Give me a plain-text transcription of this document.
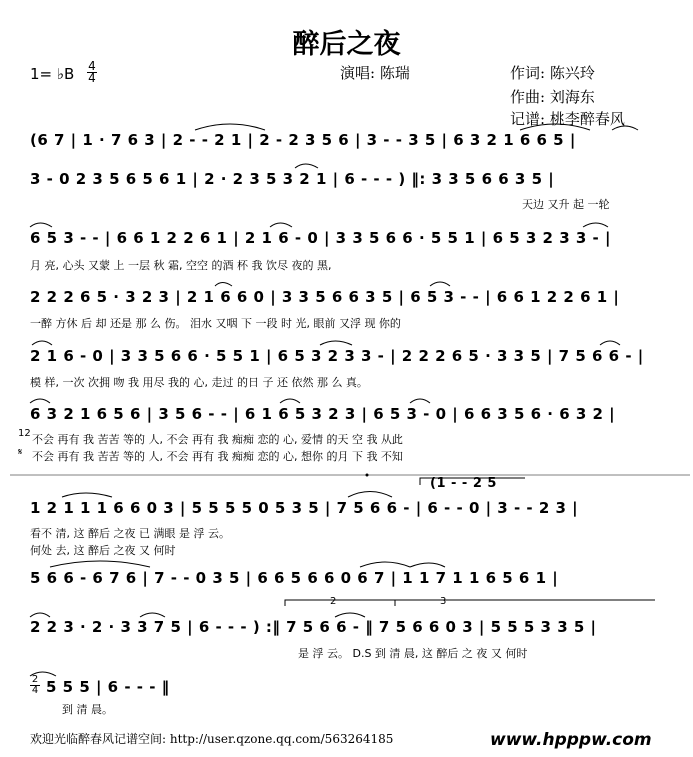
醉后之夜
演唱: 陈瑞	作词: 陈兴玲
作曲: 刘海东
记谱: 桃李醉春风
1= ♭B 4
4
(6 7 | 1 · 7 6 3 | 2 - - 2 1 | 2 - 2 3 5 6 | 3 - - 3 5 | 6 3 2 1 6 6 5 |
3 - 0 2 3 5 6 5 6 1 | 2 · 2 3 5 3 2 1 | 6 - - - ) ‖: 3 3 5 6 6 3 5 |
天边 又升 起 一轮
6 5 3 - - | 6 6 1 2 2 6 1 | 2 1 6 - 0 | 3 3 5 6 6 · 5 5 1 | 6 5 3 2 3 3 - |
月 亮, 心头 又蒙 上 一层 秋 霜, 空空 的酒 杯 我 饮尽 夜的 黑,
2 2 2 6 5 · 3 2 3 | 2 1 6 6 0 | 3 3 5 6 6 3 5 | 6 5 3 - - | 6 6 1 2 2 6 1 |
一醉 方休 后 却 还是 那 么 伤。 泪水 又咽 下 一段 时 光, 眼前 又浮 现 你的
2 1 6 - 0 | 3 3 5 6 6 · 5 5 1 | 6 5 3 2 3 3 - | 2 2 2 6 5 · 3 3 5 | 7 5 6 6 - |
模 样, 一次 次拥 吻 我 用尽 我的 心, 走过 的日 子 还 依然 那 么 真。
6 3 2 1 6 5 6 | 3 5 6 - - | 6 1 6 5 3 2 3 | 6 5 3 - 0 | 6 6 3 5 6 · 6 3 2 |
12
𝄋
不会 再有 我 苦苦 等的 人, 不会 再有 我 痴痴 恋的 心, 爱情 的天 空 我 从此
不会 再有 我 苦苦 等的 人, 不会 再有 我 痴痴 恋的 心, 想你 的月 下 我 不知
(1 - - 2 5
1 2 1 1 1 6 6 0 3 | 5 5 5 5 0 5 3 5 | 7 5 6 6 - | 6 - - 0 | 3 - - 2 3 |
看不 清, 这 醉后 之夜 已 满眼 是 浮 云。
何处 去, 这 醉后 之夜 又 何时
5 6 6 - 6 7 6 | 7 - - 0 3 5 | 6 6 5 6 6 0 6 7 | 1 1 7 1 1 6 5 6 1 |
2	3
2 2 3 · 2 · 3 3 7 5 | 6 - - - ) :‖ 7 5 6 6 - ‖ 7 5 6 6 0 3 | 5 5 5 3 3 5 |
是 浮 云。 D.S 到 清 晨, 这 醉后 之 夜 又 何时
2
4 5 5 5 | 6 - - - ‖
到 清 晨。
欢迎光临醉春风记谱空间: http://user.qzone.qq.com/563264185	www.hpppw.com
